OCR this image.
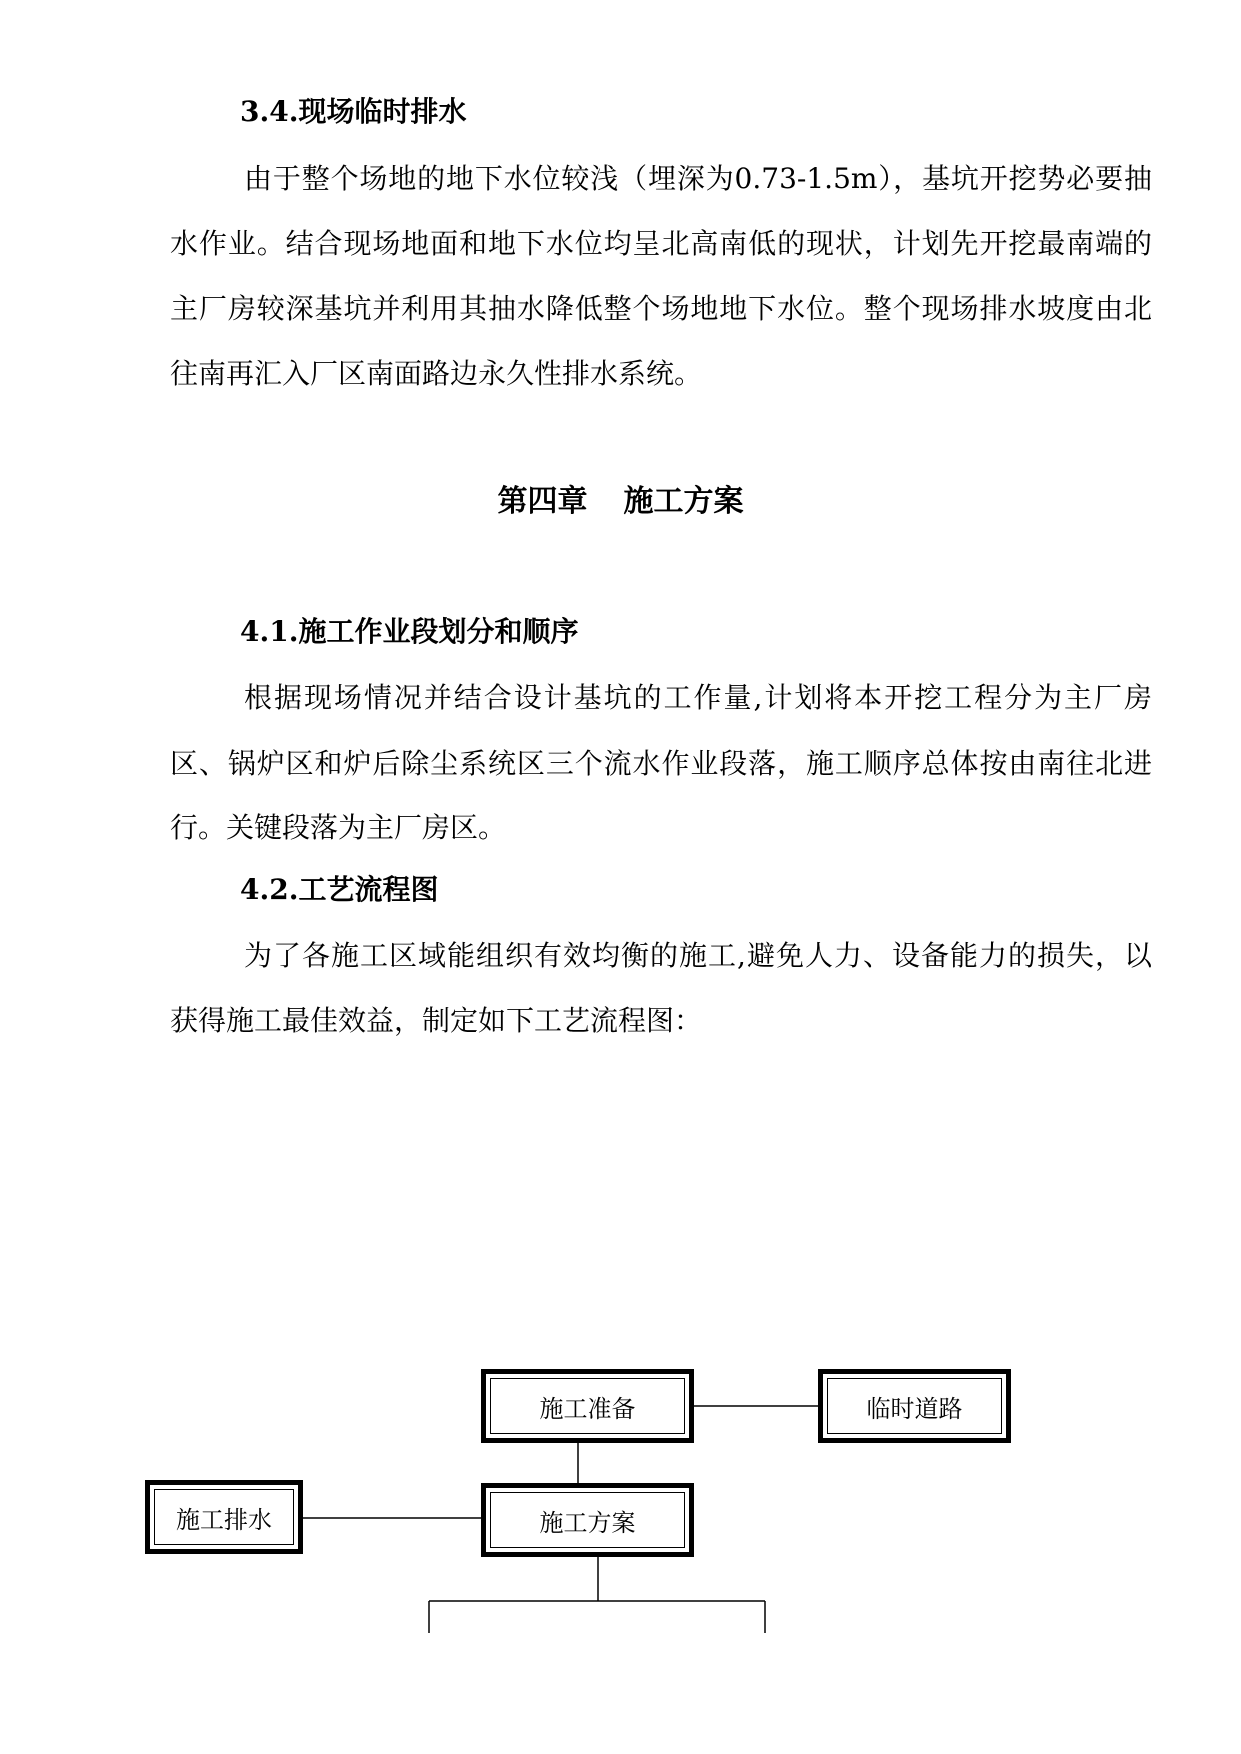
3.4.现场临时排水
由于整个场地的地下水位较浅（埋深为0.73-1.5m），基坑开挖势必要抽
水作业。结合现场地面和地下水位均呈北高南低的现状，计划先开挖最南端的
主厂房较深基坑并利用其抽水降低整个场地地下水位。整个现场排水坡度由北
往南再汇入厂区南面路边永久性排水系统。
第四章 施工方案
4.1.施工作业段划分和顺序
根据现场情况并结合设计基坑的工作量,计划将本开挖工程分为主厂房
区、锅炉区和炉后除尘系统区三个流水作业段落，施工顺序总体按由南往北进
行。关键段落为主厂房区。
4.2.工艺流程图
为了各施工区域能组织有效均衡的施工,避免人力、设备能力的损失，以
获得施工最佳效益，制定如下工艺流程图：
施工准备	临时道路
施工排水	施工方案
